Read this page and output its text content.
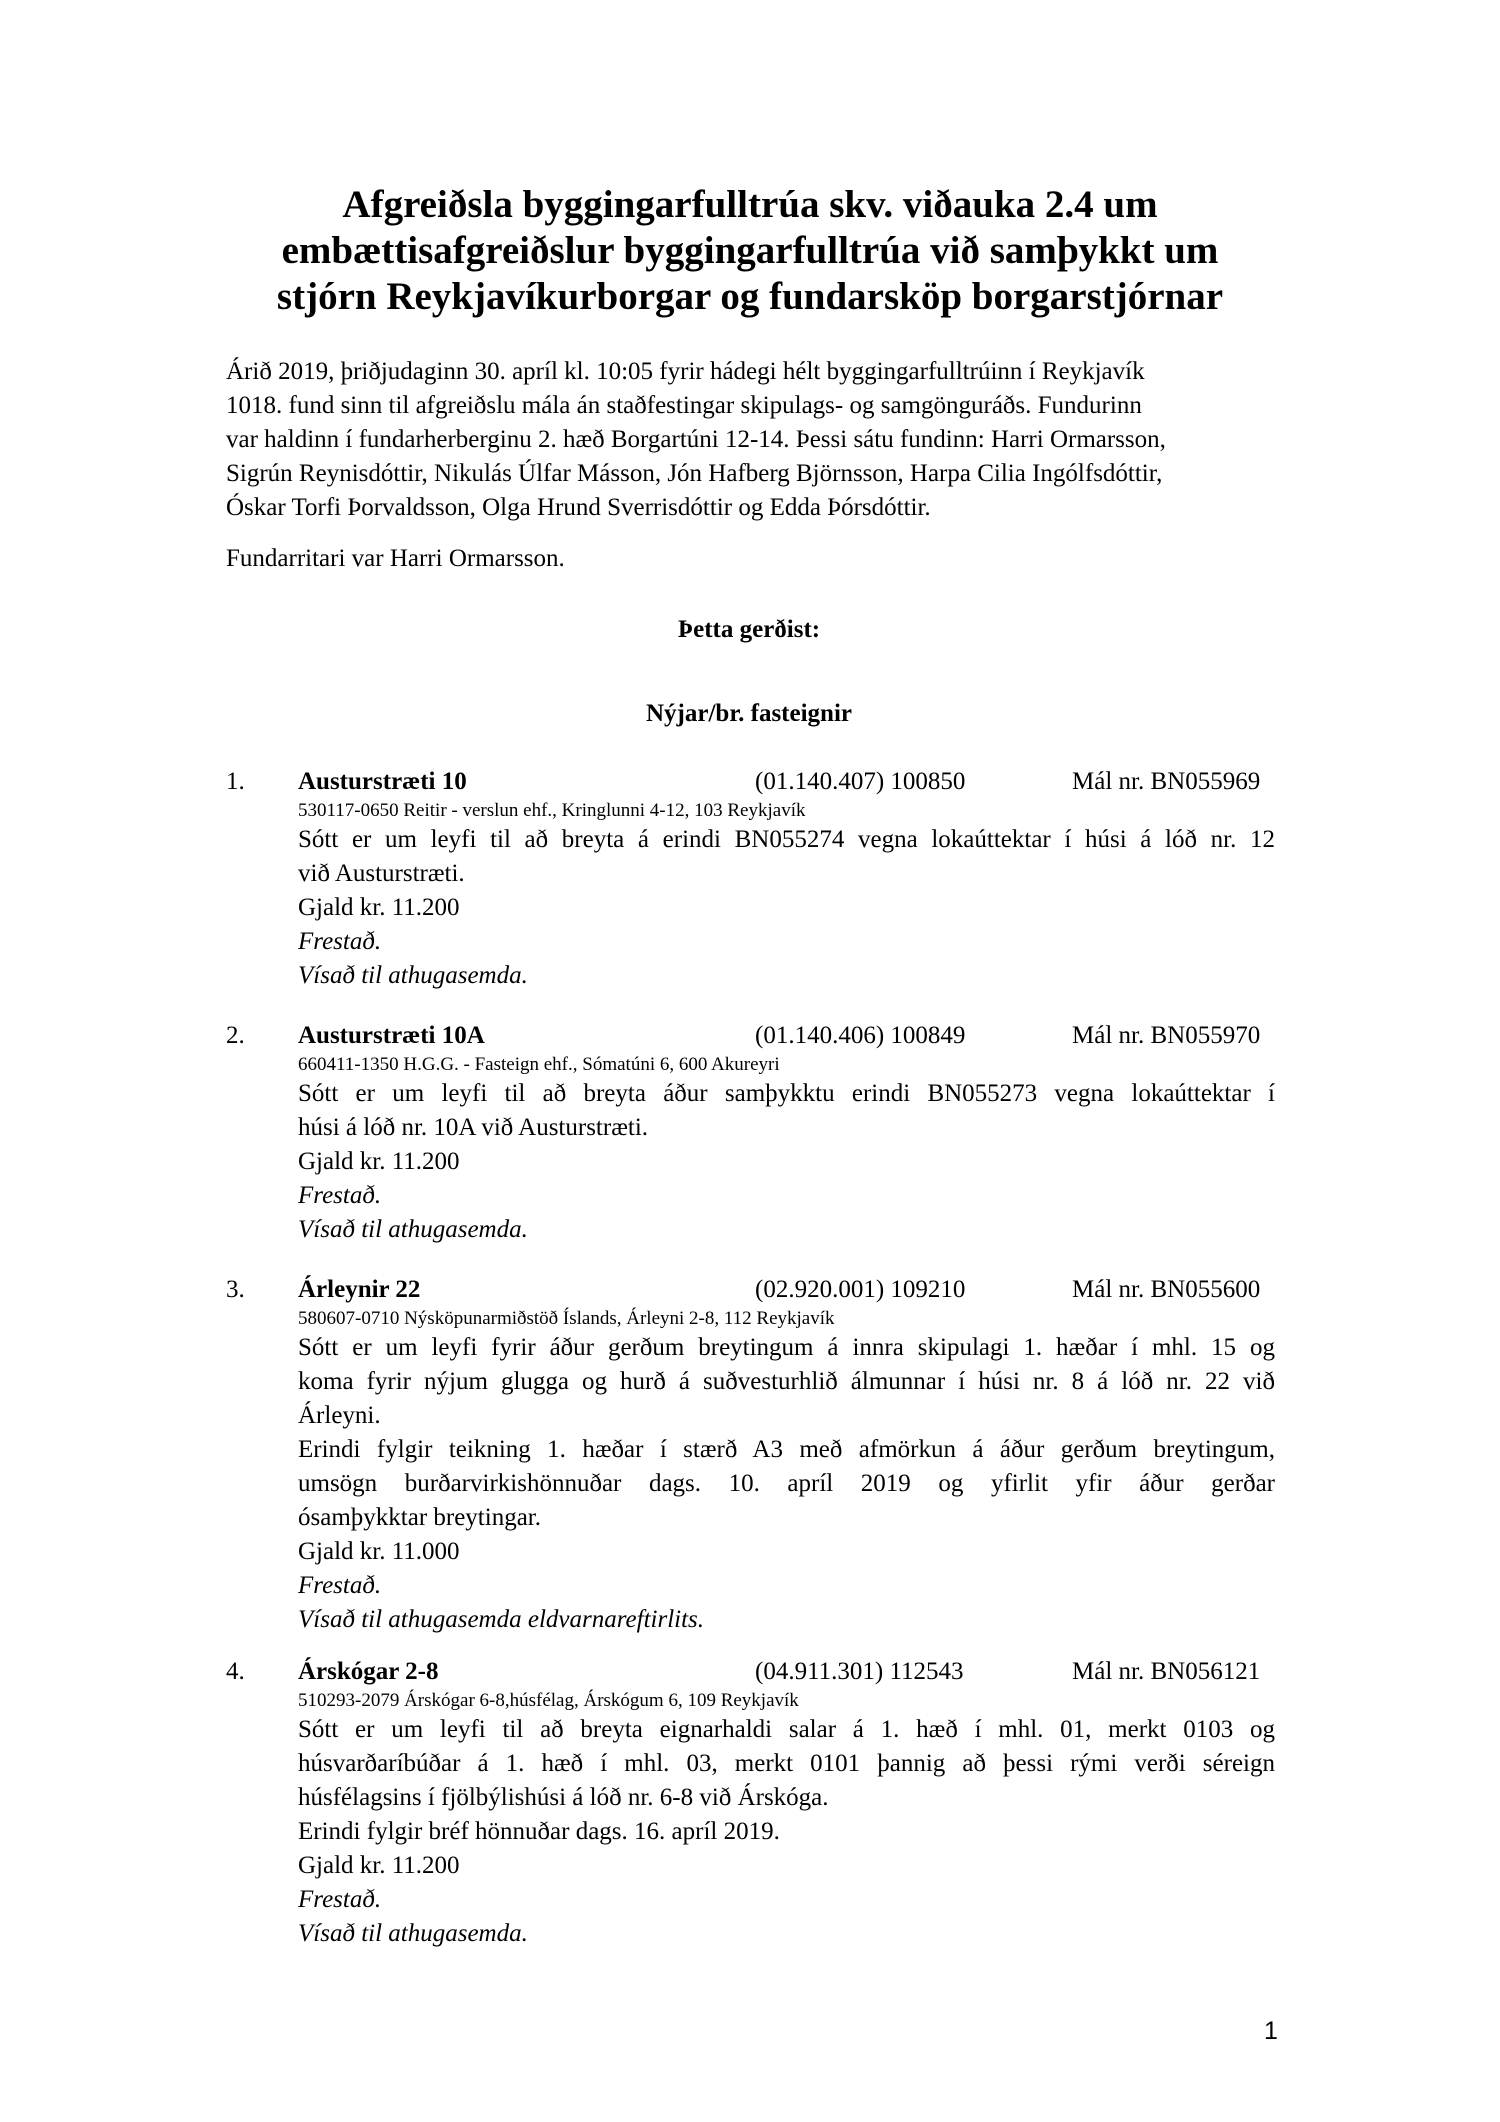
Afgreiðsla byggingarfulltrúa skv. viðauka 2.4 um
embættisafgreiðslur byggingarfulltrúa við samþykkt um
stjórn Reykjavíkurborgar og fundarsköp borgarstjórnar
Árið 2019, þriðjudaginn 30. apríl kl. 10:05 fyrir hádegi hélt byggingarfulltrúinn í Reykjavík
1018. fund sinn til afgreiðslu mála án staðfestingar skipulags- og samgönguráðs. Fundurinn
var haldinn í fundarherberginu 2. hæð Borgartúni 12-14. Þessi sátu fundinn: Harri Ormarsson,
Sigrún Reynisdóttir, Nikulás Úlfar Másson, Jón Hafberg Björnsson, Harpa Cilia Ingólfsdóttir,
Óskar Torfi Þorvaldsson, Olga Hrund Sverrisdóttir og Edda Þórsdóttir.
Fundarritari var Harri Ormarsson.
Þetta gerðist:
Nýjar/br. fasteignir
1. Austurstræti 10	(01.140.407) 100850	Mál nr. BN055969
530117-0650 Reitir - verslun ehf., Kringlunni 4-12, 103 Reykjavík
Sótt er um leyfi til að breyta á erindi BN055274 vegna lokaúttektar í húsi á lóð nr. 12
við Austurstræti.
Gjald kr. 11.200
Frestað.
Vísað til athugasemda.
2. Austurstræti 10A	(01.140.406) 100849	Mál nr. BN055970
660411-1350 H.G.G. - Fasteign ehf., Sómatúni 6, 600 Akureyri
Sótt er um leyfi til að breyta áður samþykktu erindi BN055273 vegna lokaúttektar í
húsi á lóð nr. 10A við Austurstræti.
Gjald kr. 11.200
Frestað.
Vísað til athugasemda.
3. Árleynir 22	(02.920.001) 109210	Mál nr. BN055600
580607-0710 Nýsköpunarmiðstöð Íslands, Árleyni 2-8, 112 Reykjavík
Sótt er um leyfi fyrir áður gerðum breytingum á innra skipulagi 1. hæðar í mhl. 15 og
koma fyrir nýjum glugga og hurð á suðvesturhlið álmunnar í húsi nr. 8 á lóð nr. 22 við
Árleyni.
Erindi fylgir teikning 1. hæðar í stærð A3 með afmörkun á áður gerðum breytingum,
umsögn burðarvirkishönnuðar dags. 10. apríl 2019 og yfirlit yfir áður gerðar
ósamþykktar breytingar.
Gjald kr. 11.000
Frestað.
Vísað til athugasemda eldvarnareftirlits.
4. Árskógar 2-8	(04.911.301) 112543	Mál nr. BN056121
510293-2079 Árskógar 6-8,húsfélag, Árskógum 6, 109 Reykjavík
Sótt er um leyfi til að breyta eignarhaldi salar á 1. hæð í mhl. 01, merkt 0103 og
húsvarðaríbúðar á 1. hæð í mhl. 03, merkt 0101 þannig að þessi rými verði séreign
húsfélagsins í fjölbýlishúsi á lóð nr. 6-8 við Árskóga.
Erindi fylgir bréf hönnuðar dags. 16. apríl 2019.
Gjald kr. 11.200
Frestað.
Vísað til athugasemda.
1
